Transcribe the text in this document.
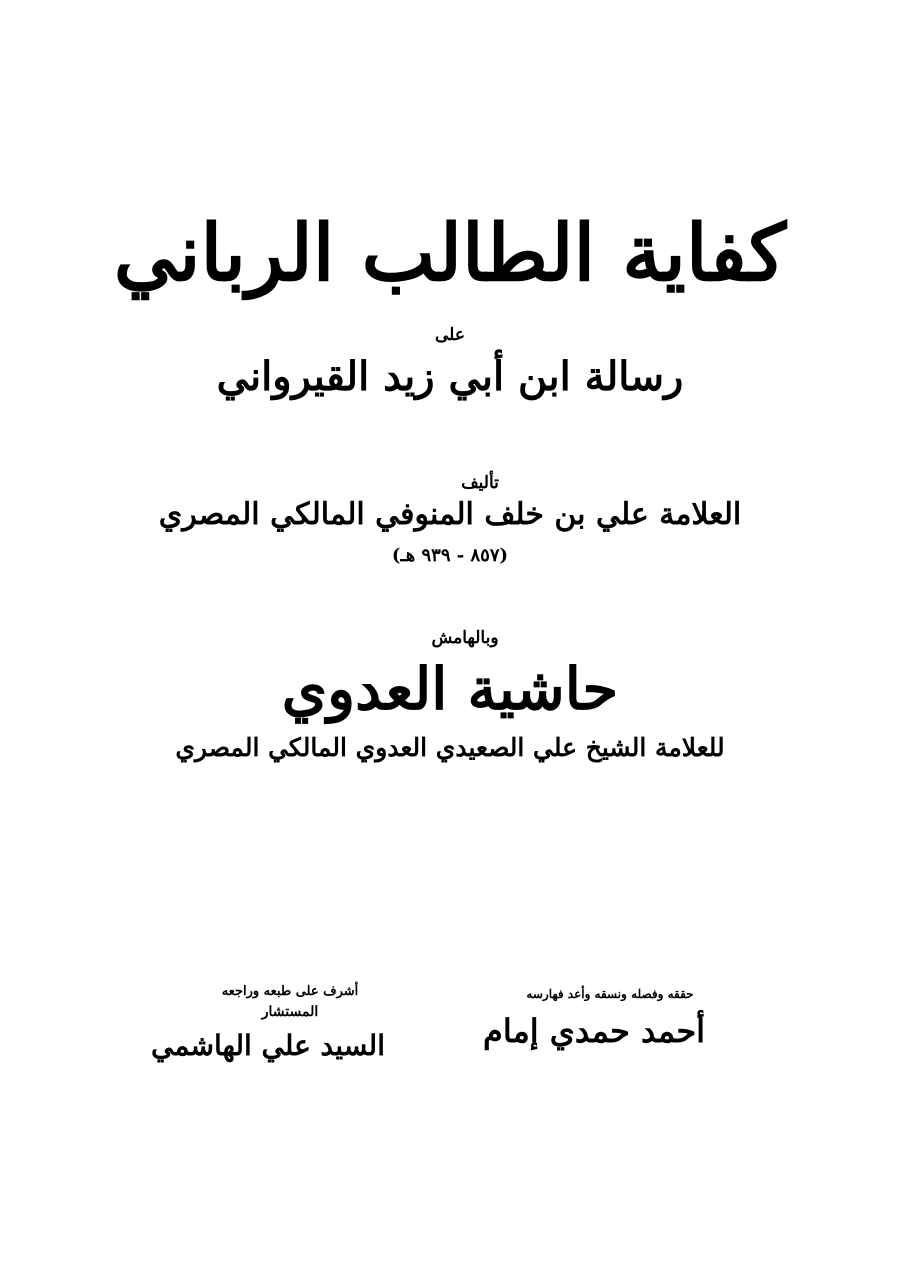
كفاية الطالب الرباني
على
رسالة ابن أبي زيد القيرواني
تأليف
العلامة علي بن خلف المنوفي المالكي المصري
(٨٥٧ - ٩٣٩ هـ)
وبالهامش
حاشية العدوي
للعلامة الشيخ علي الصعيدي العدوي المالكي المصري
حققه وفصله ونسقه وأعد فهارسه
أحمد حمدي إمام
أشرف على طبعه وراجعه
المستشار
السيد علي الهاشمي
